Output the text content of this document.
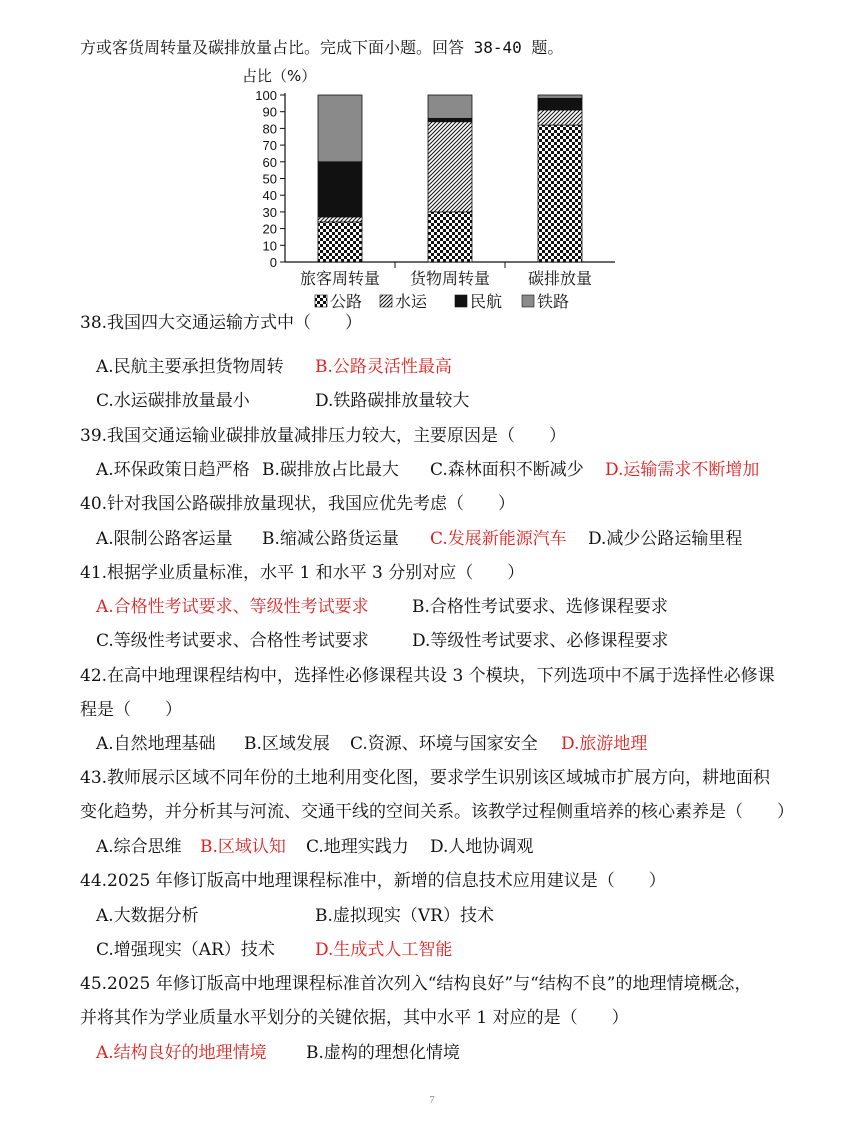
方或客货周转量及碳排放量占比。完成下面小题。回答 38-40 题。
占比（%）
0
10
20
30
40
50
60
70
80
90
100
旅客周转量 货物周转量 碳排放量
公路 水运	民航 铁路
38.我国四大交通运输方式中（　　）
A.民航主要承担货物周转 B.公路灵活性最高
C.水运碳排放量最小	D.铁路碳排放量较大
39.我国交通运输业碳排放量减排压力较大，主要原因是（　　）
A.环保政策日趋严格 B.碳排放占比最大 C.森林面积不断减少 D.运输需求不断增加
40.针对我国公路碳排放量现状，我国应优先考虑（　　）
A.限制公路客运量 B.缩减公路货运量 C.发展新能源汽车 D.减少公路运输里程
41.根据学业质量标准，水平 1 和水平 3 分别对应（　　）
A.合格性考试要求、等级性考试要求	B.合格性考试要求、选修课程要求
C.等级性考试要求、合格性考试要求	D.等级性考试要求、必修课程要求
42.在高中地理课程结构中，选择性必修课程共设 3 个模块，下列选项中不属于选择性必修课
程是（　　）
A.自然地理基础 B.区域发展 C.资源、环境与国家安全 D.旅游地理
43.教师展示区域不同年份的土地利用变化图，要求学生识别该区域城市扩展方向，耕地面积
变化趋势，并分析其与河流、交通干线的空间关系。该教学过程侧重培养的核心素养是（　　）
A.综合思维 B.区域认知 C.地理实践力 D.人地协调观
44.2025 年修订版高中地理课程标准中，新增的信息技术应用建议是（　　）
A.大数据分析	B.虚拟现实（VR）技术
C.增强现实（AR）技术 D.生成式人工智能
45.2025 年修订版高中地理课程标准首次列入“结构良好”与“结构不良”的地理情境概念，
并将其作为学业质量水平划分的关键依据，其中水平 1 对应的是（　　）
A.结构良好的地理情境 B.虚构的理想化情境
7
